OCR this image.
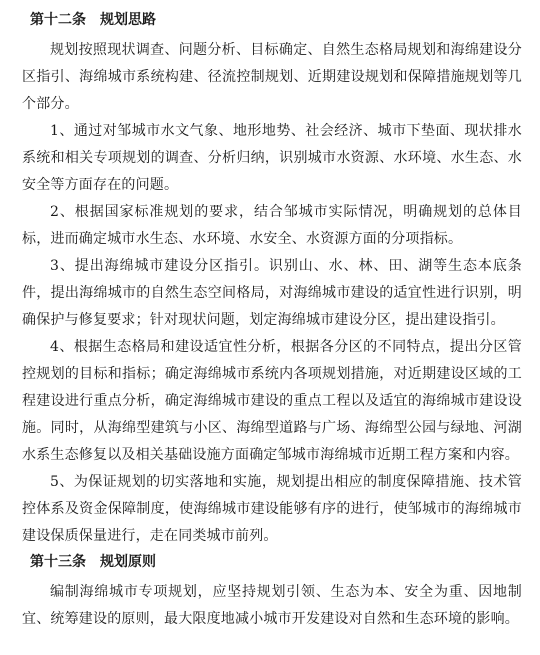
第十二条 规划思路

规划按照现状调查、问题分析、目标确定、自然生态格局规划和海绵建设分区指引、海绵城市系统构建、径流控制规划、近期建设规划和保障措施规划等几个部分。

1、通过对邹城市水文气象、地形地势、社会经济、城市下垫面、现状排水系统和相关专项规划的调查、分析归纳，识别城市水资源、水环境、水生态、水安全等方面存在的问题。

2、根据国家标准规划的要求，结合邹城市实际情况，明确规划的总体目标，进而确定城市水生态、水环境、水安全、水资源方面的分项指标。

3、提出海绵城市建设分区指引。识别山、水、林、田、湖等生态本底条件，提出海绵城市的自然生态空间格局，对海绵城市建设的适宜性进行识别，明确保护与修复要求；针对现状问题，划定海绵城市建设分区，提出建设指引。

4、根据生态格局和建设适宜性分析，根据各分区的不同特点，提出分区管控规划的目标和指标；确定海绵城市系统内各项规划措施，对近期建设区域的工程建设进行重点分析，确定海绵城市建设的重点工程以及适宜的海绵城市建设设施。同时，从海绵型建筑与小区、海绵型道路与广场、海绵型公园与绿地、河湖水系生态修复以及相关基础设施方面确定邹城市海绵城市近期工程方案和内容。

5、为保证规划的切实落地和实施，规划提出相应的制度保障措施、技术管控体系及资金保障制度，使海绵城市建设能够有序的进行，使邹城市的海绵城市建设保质保量进行，走在同类城市前列。

第十三条 规划原则

编制海绵城市专项规划，应坚持规划引领、生态为本、安全为重、因地制宜、统筹建设的原则，最大限度地减小城市开发建设对自然和生态环境的影响。
